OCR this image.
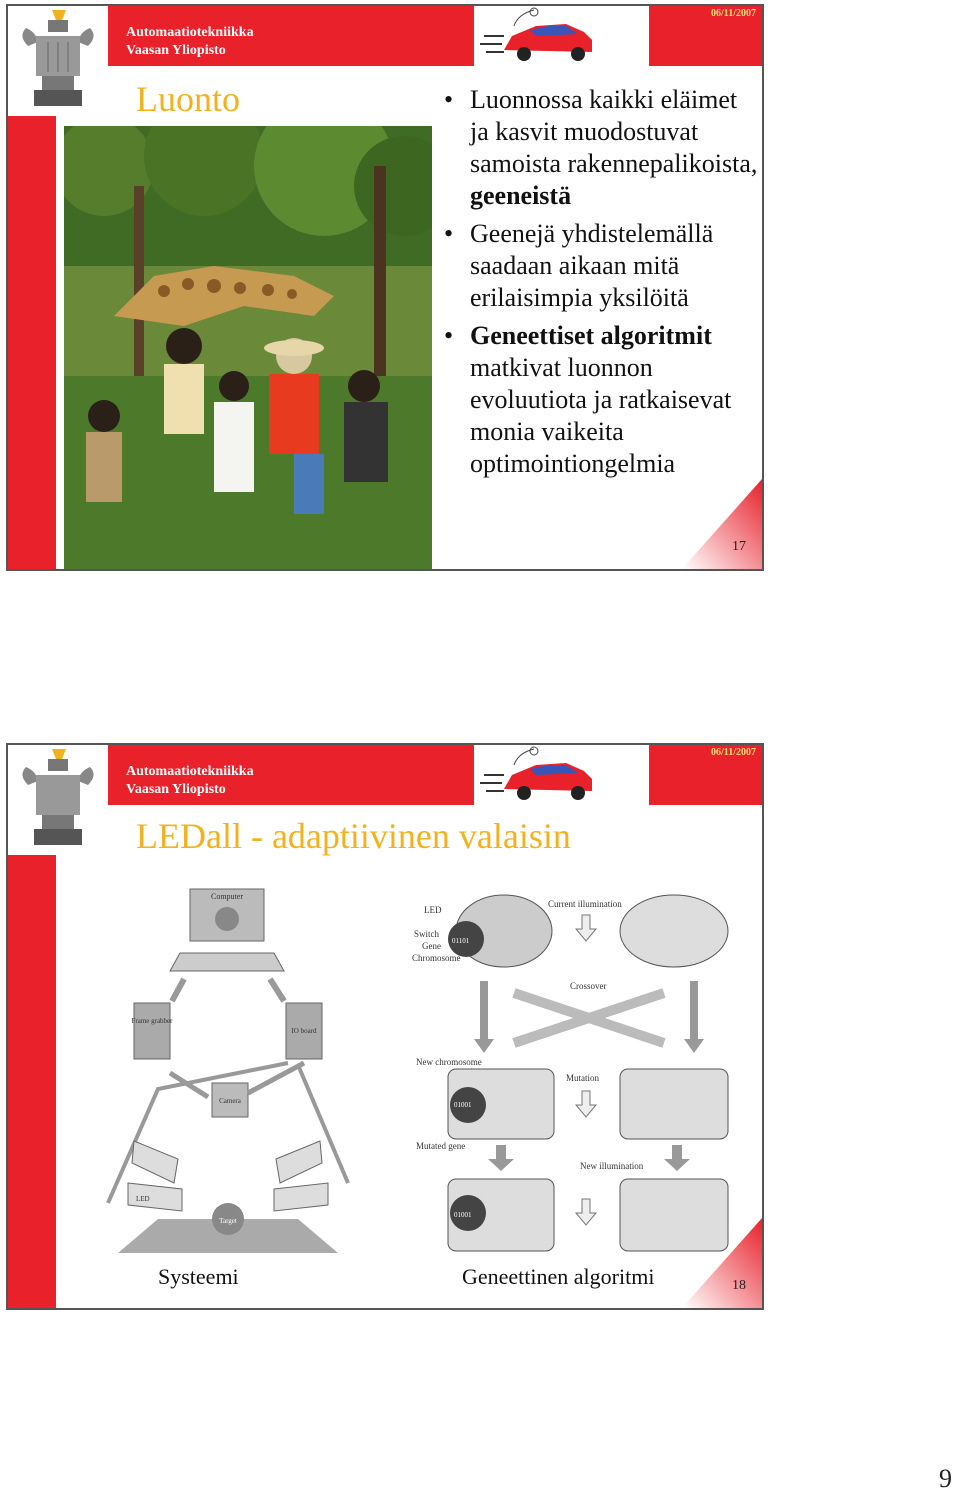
Automaatiotekniikka
Vaasan Yliopisto
06/11/2007
Luonto
•	Luonnossa kaikki eläimet ja kasvit muodostuvat samoista rakennepalikoista, geeneistä
• Geenejä yhdistelemällä saadaan aikaan mitä erilaisimpia yksilöitä
• Geneettiset algoritmit matkivat luonnon evoluutiota ja ratkaisevat monia vaikeita optimointiongelmia
17
Automaatiotekniikka
Vaasan Yliopisto
06/11/2007
LEDall - adaptiivinen valaisin
Computer
Frame grabber
IO board
Camera
LED
Target
01101
LED
Switch
Gene
Chromosome
Current illumination
Crossover
New chromosome
01001
Mutation
Mutated gene
New illumination
01001
Systeemi	Geneettinen algoritmi	18
9
